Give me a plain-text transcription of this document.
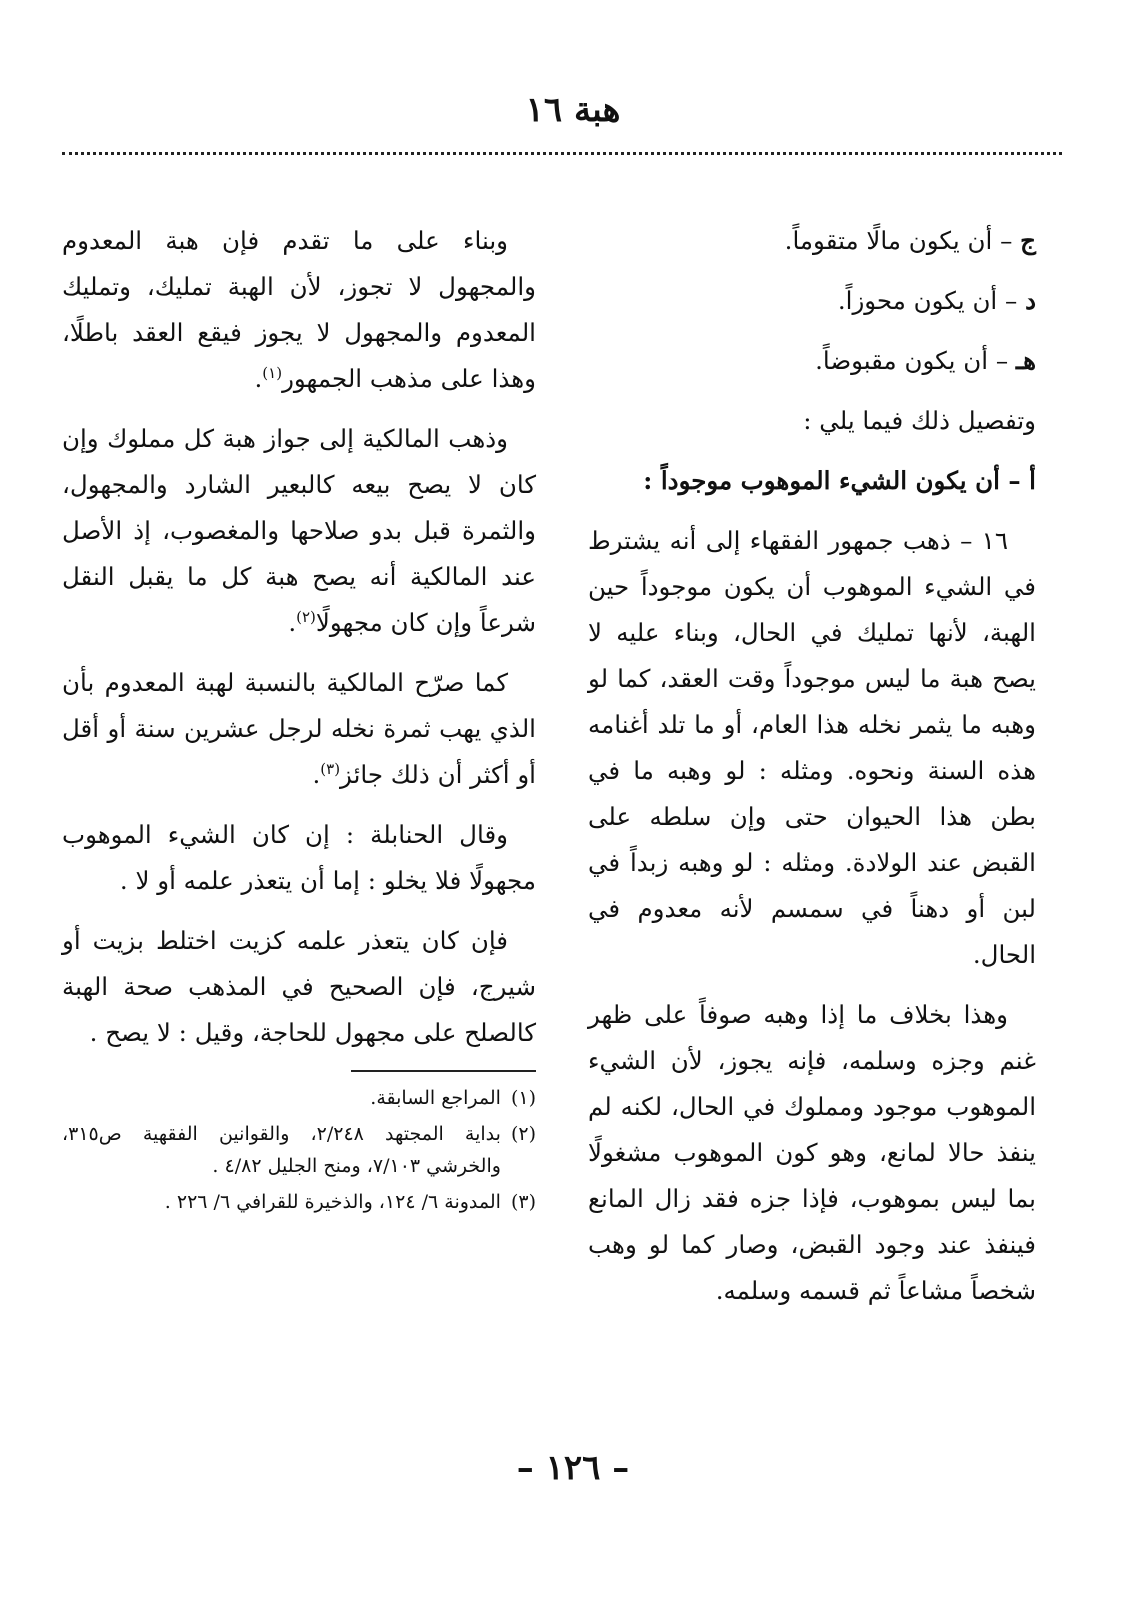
هبة ١٦
ج – أن يكون مالًا متقوماً.
د – أن يكون محوزاً.
هـ – أن يكون مقبوضاً.

وتفصيل ذلك فيما يلي :

أ – أن يكون الشيء الموهوب موجوداً :

١٦ – ذهب جمهور الفقهاء إلى أنه يشترط في الشيء الموهوب أن يكون موجوداً حين الهبة، لأنها تمليك في الحال، وبناء عليه لا يصح هبة ما ليس موجوداً وقت العقد، كما لو وهبه ما يثمر نخله هذا العام، أو ما تلد أغنامه هذه السنة ونحوه. ومثله : لو وهبه ما في بطن هذا الحيوان حتى وإن سلطه على القبض عند الولادة. ومثله : لو وهبه زبداً في لبن أو دهناً في سمسم لأنه معدوم في الحال.

وهذا بخلاف ما إذا وهبه صوفاً على ظهر غنم وجزه وسلمه، فإنه يجوز، لأن الشيء الموهوب موجود ومملوك في الحال، لكنه لم ينفذ حالا لمانع، وهو كون الموهوب مشغولًا بما ليس بموهوب، فإذا جزه فقد زال المانع فينفذ عند وجود القبض، وصار كما لو وهب شخصاً مشاعاً ثم قسمه وسلمه.

وبناء على ما تقدم فإن هبة المعدوم والمجهول لا تجوز، لأن الهبة تمليك، وتمليك المعدوم والمجهول لا يجوز فيقع العقد باطلًا، وهذا على مذهب الجمهور$^{(١)}$.

وذهب المالكية إلى جواز هبة كل مملوك وإن كان لا يصح بيعه كالبعير الشارد والمجهول، والثمرة قبل بدو صلاحها والمغصوب، إذ الأصل عند المالكية أنه يصح هبة كل ما يقبل النقل شرعاً وإن كان مجهولًا$^{(٢)}$.

كما صرّح المالكية بالنسبة لهبة المعدوم بأن الذي يهب ثمرة نخله لرجل عشرين سنة أو أقل أو أكثر أن ذلك جائز$^{(٣)}$.

وقال الحنابلة : إن كان الشيء الموهوب مجهولًا فلا يخلو : إما أن يتعذر علمه أو لا .

فإن كان يتعذر علمه كزيت اختلط بزيت أو شيرج، فإن الصحيح في المذهب صحة الهبة كالصلح على مجهول للحاجة، وقيل : لا يصح .

(١)
المراجع السابقة.
(٢)
بداية المجتهد ٢/٢٤٨، والقوانين الفقهية ص٣١٥، والخرشي ٧/١٠٣، ومنح الجليل ٤/٨٢ .
(٣)
المدونة ٦/ ١٢٤، والذخيرة للقرافي ٦/ ٢٢٦ .
– ١٢٦ –
